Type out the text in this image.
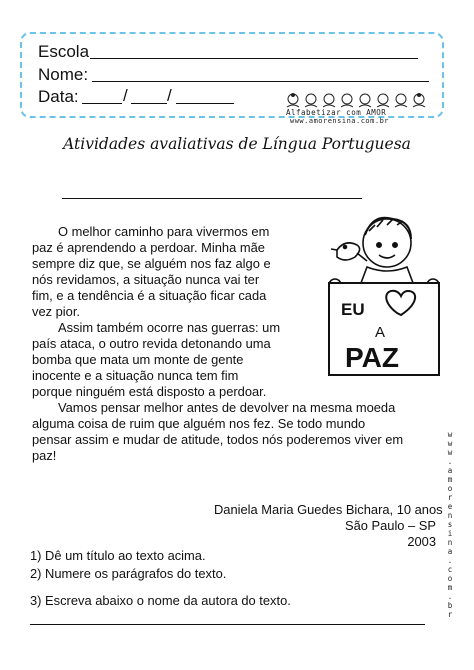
Escola
Nome:
Data:	/ /
Alfabetizar com AMOR
www.amorensina.com.br
Atividades avaliativas de Língua Portuguesa
O melhor caminho para vivermos em
paz é aprendendo a perdoar. Minha mãe
sempre diz que, se alguém nos faz algo e
nós revidamos, a situação nunca vai ter
fim, e a tendência é a situação ficar cada
vez pior.
Assim também ocorre nas guerras: um
país ataca, o outro revida detonando uma
bomba que mata um monte de gente
inocente e a situação nunca tem fim
porque ninguém está disposto a perdoar.
Vamos pensar melhor antes de devolver na mesma moeda
alguma coisa de ruim que alguém nos fez. Se todo mundo
pensar assim e mudar de atitude, todos nós poderemos viver em
paz!
EU
A
PAZ
Daniela Maria Guedes Bichara, 10 anos
São Paulo – SP
2003
1) Dê um título ao texto acima.
2) Numere os parágrafos do texto.
3) Escreva abaixo o nome da autora do texto.
w
w
w
.
a
m
o
r
e
n
s
i
n
a
.
c
o
m
.
b
r
